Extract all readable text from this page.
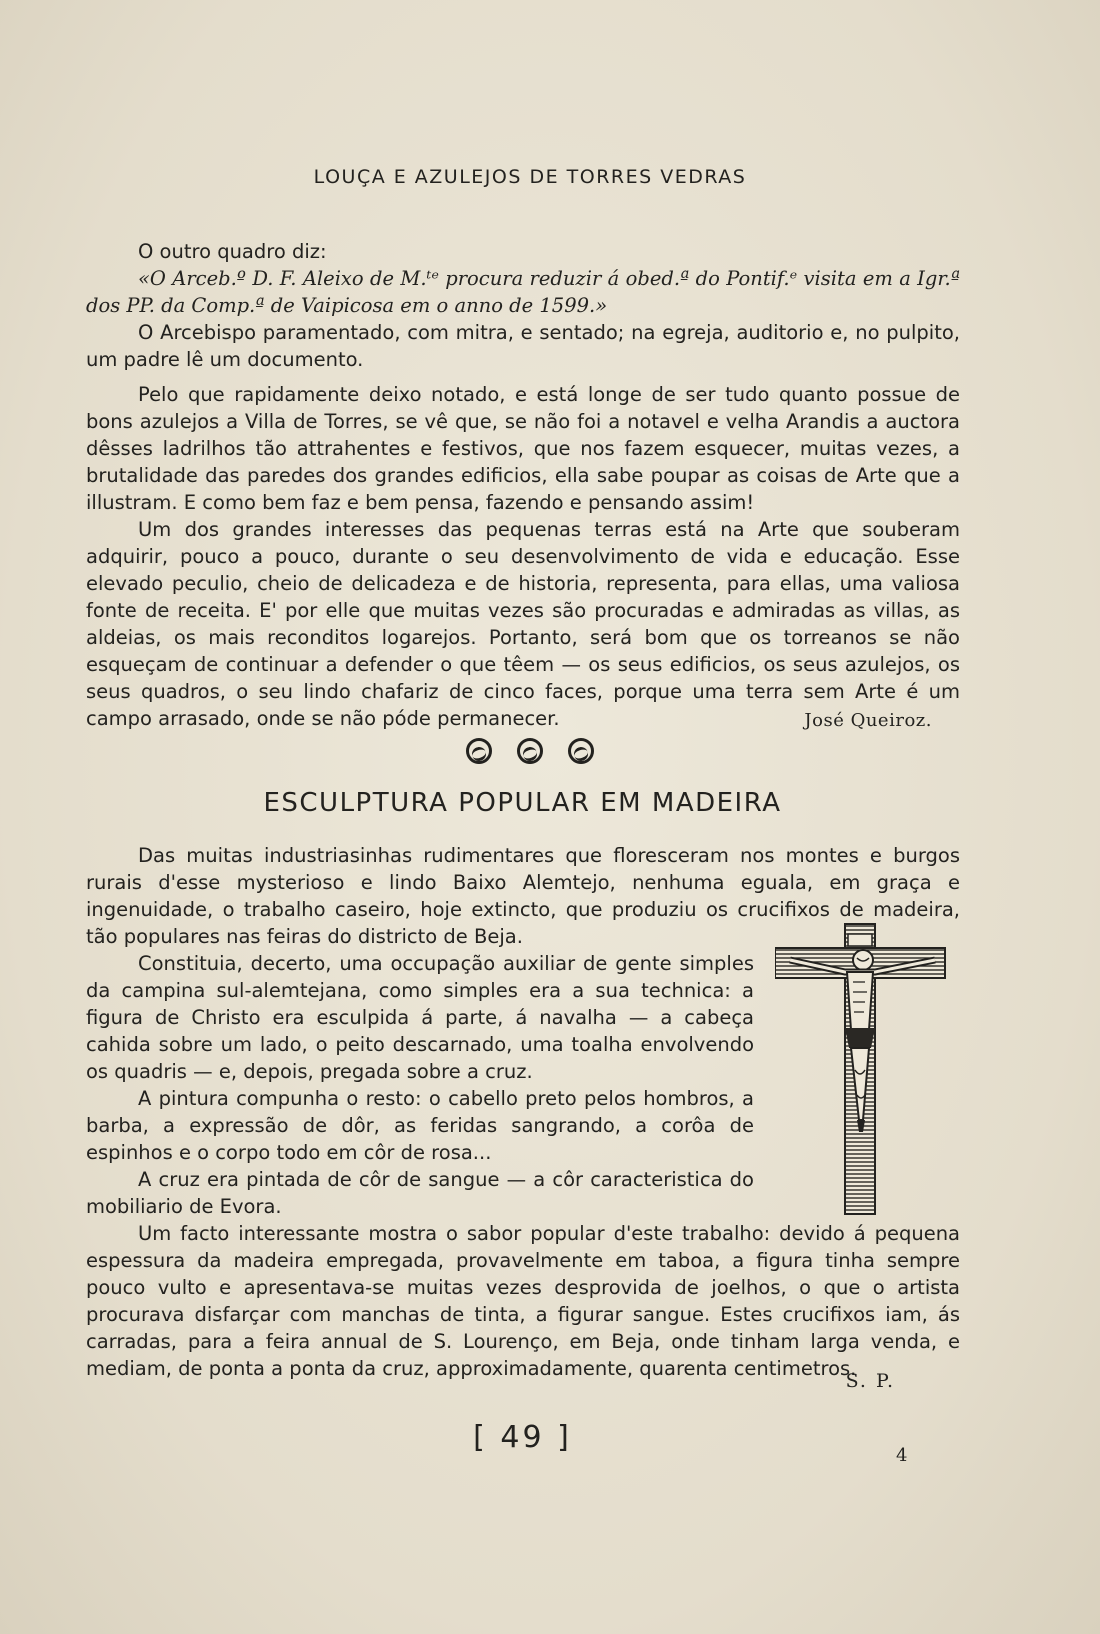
LOUÇA E AZULEJOS DE TORRES VEDRAS

O outro quadro diz:

«O Arceb.º D. F. Aleixo de M.ᵗᵉ procura reduzir á obed.ª do Pontif.ᵉ visita em a Igr.ª dos PP. da Comp.ª de Vaipicosa em o anno de 1599.»

O Arcebispo paramentado, com mitra, e sentado; na egreja, auditorio e, no pulpito, um padre lê um documento.

Pelo que rapidamente deixo notado, e está longe de ser tudo quanto possue de bons azulejos a Villa de Torres, se vê que, se não foi a notavel e velha Arandis a auctora dêsses ladrilhos tão attrahentes e festivos, que nos fazem esquecer, muitas vezes, a brutalidade das paredes dos grandes edificios, ella sabe poupar as coisas de Arte que a illustram. E como bem faz e bem pensa, fazendo e pensando assim!

Um dos grandes interesses das pequenas terras está na Arte que souberam adquirir, pouco a pouco, durante o seu desenvolvimento de vida e educação. Esse elevado peculio, cheio de delicadeza e de historia, representa, para ellas, uma valiosa fonte de receita. E' por elle que muitas vezes são procuradas e admiradas as villas, as aldeias, os mais reconditos logarejos. Portanto, será bom que os torreanos se não esqueçam de continuar a defender o que têem — os seus edificios, os seus azulejos, os seus quadros, o seu lindo chafariz de cinco faces, porque uma terra sem Arte é um campo arrasado, onde se não póde permanecer.	José Queiroz.

ESCULPTURA POPULAR EM MADEIRA

Das muitas industriasinhas rudimentares que floresceram nos montes e burgos rurais d'esse mysterioso e lindo Baixo Alemtejo, nenhuma eguala, em graça e ingenuidade, o trabalho caseiro, hoje extincto, que produziu os crucifixos de madeira, tão populares nas feiras do districto de Beja.

Constituia, decerto, uma occupação auxiliar de gente simples da campina sul-alemtejana, como simples era a sua technica: a figura de Christo era esculpida á parte, á navalha — a cabeça cahida sobre um lado, o peito descarnado, uma toalha envolvendo os quadris — e, depois, pregada sobre a cruz.

A pintura compunha o resto: o cabello preto pelos hombros, a barba, a expressão de dôr, as feridas sangrando, a corôa de espinhos e o corpo todo em côr de rosa...

A cruz era pintada de côr de sangue — a côr caracteristica do mobiliario de Evora.

Um facto interessante mostra o sabor popular d'este trabalho: devido á pequena espessura da madeira empregada, provavelmente em taboa, a figura tinha sempre pouco vulto e apresentava-se muitas vezes desprovida de joelhos, o que o artista procurava disfarçar com manchas de tinta, a figurar sangue. Estes crucifixos iam, ás carradas, para a feira annual de S. Lourenço, em Beja, onde tinham larga venda, e mediam, de ponta a ponta da cruz, approximadamente, quarenta centimetros.

S. P.
[ 49 ]
4
